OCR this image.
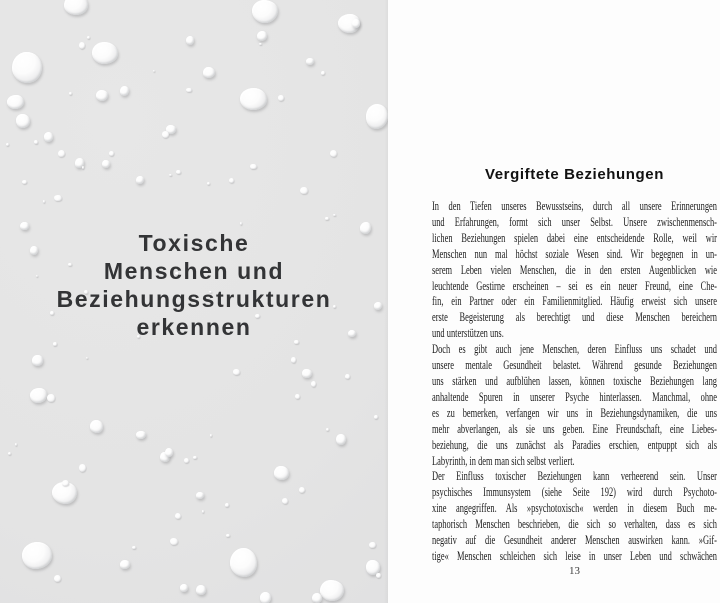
Toxische
Menschen und
Beziehungsstrukturen
erkennen
Vergiftete Beziehungen
In den Tiefen unseres Bewusstseins, durch all unsere Erinnerungen
und Erfahrungen, formt sich unser Selbst. Unsere zwischenmensch-
lichen Beziehungen spielen dabei eine entscheidende Rolle, weil wir
Menschen nun mal höchst soziale Wesen sind. Wir begegnen in un-
serem Leben vielen Menschen, die in den ersten Augenblicken wie
leuchtende Gestirne erscheinen – sei es ein neuer Freund, eine Che-
fin, ein Partner oder ein Familienmitglied. Häufig erweist sich unsere
erste Begeisterung als berechtigt und diese Menschen bereichern
und unterstützen uns.
Doch es gibt auch jene Menschen, deren Einfluss uns schadet und
unsere mentale Gesundheit belastet. Während gesunde Beziehungen
uns stärken und aufblühen lassen, können toxische Beziehungen lang
anhaltende Spuren in unserer Psyche hinterlassen. Manchmal, ohne
es zu bemerken, verfangen wir uns in Beziehungsdynamiken, die uns
mehr abverlangen, als sie uns geben. Eine Freundschaft, eine Liebes-
beziehung, die uns zunächst als Paradies erschien, entpuppt sich als
Labyrinth, in dem man sich selbst verliert.
Der Einfluss toxischer Beziehungen kann verheerend sein. Unser
psychisches Immunsystem (siehe Seite 192) wird durch Psychoto-
xine angegriffen. Als »psychotoxisch« werden in diesem Buch me-
taphorisch Menschen beschrieben, die sich so verhalten, dass es sich
negativ auf die Gesundheit anderer Menschen auswirken kann. »Gif-
tige« Menschen schleichen sich leise in unser Leben und schwächen
13
